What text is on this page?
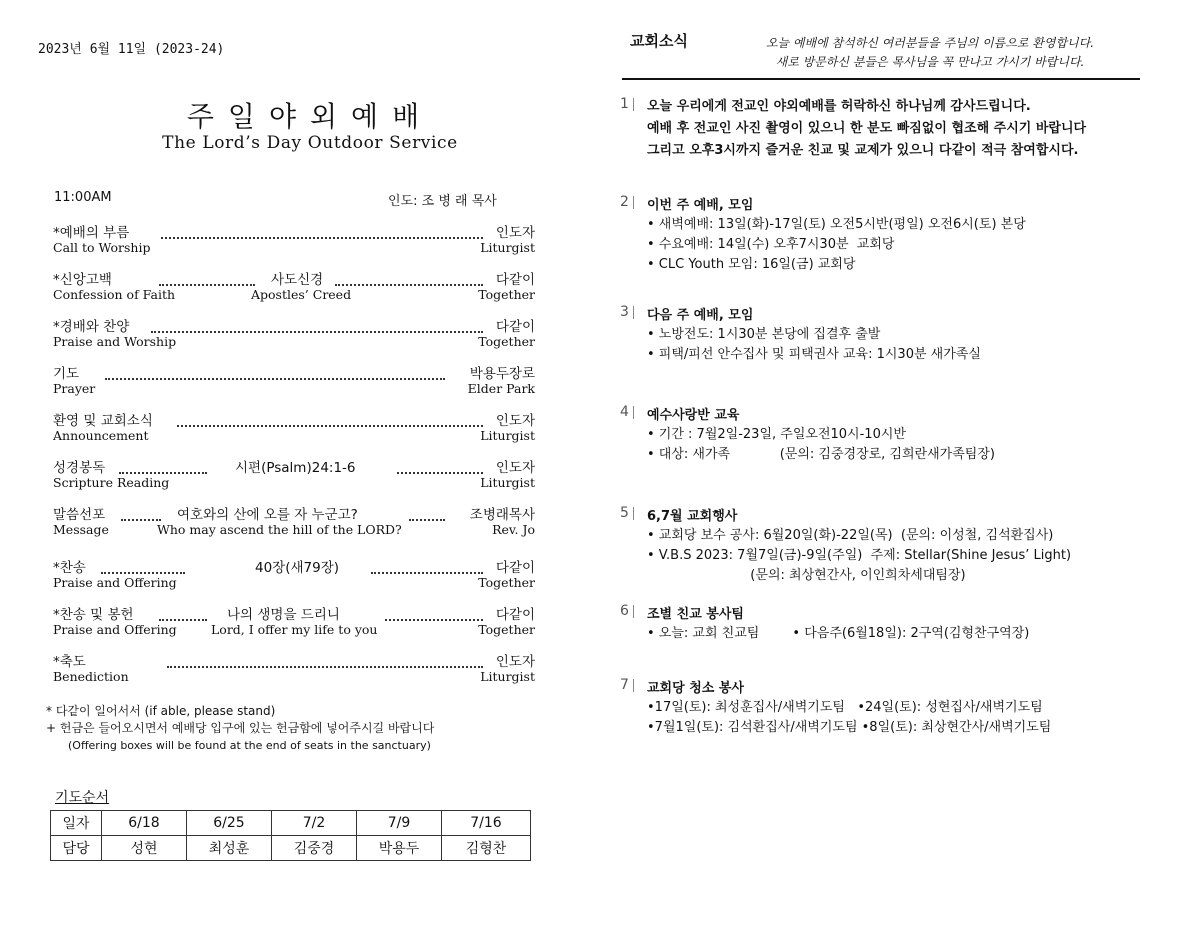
2023년 6월 11일 (2023-24)
주일야외예배
The Lord’s Day Outdoor Service
11:00AM	인도: 조 병 래 목사
*예배의 부름	인도자
Call to Worship	Liturgist
*신앙고백	사도신경	다같이
Confession of Faith	Apostles’ Creed	Together
*경배와 찬양	다같이
Praise and Worship	Together
기도	박용두장로
Prayer	Elder Park
환영 및 교회소식	인도자
Announcement	Liturgist
성경봉독	시편(Psalm)24:1-6	인도자
Scripture Reading	Liturgist
말씀선포	여호와의 산에 오를 자 누군고?	조병래목사
Message	Who may ascend the hill of the LORD?	Rev. Jo
*찬송	40장(새79장)	다같이
Praise and Offering	Together
*찬송 및 봉헌	나의 생명을 드리니	다같이
Praise and Offering	Lord, I offer my life to you	Together
*축도	인도자
Benediction	Liturgist
* 다같이 일어서서 (if able, please stand)
+ 헌금은 들어오시면서 예배당 입구에 있는 헌금함에 넣어주시길 바랍니다
(Offering boxes will be found at the end of seats in the sanctuary)
기도순서
일자	6/18	6/25	7/2	7/9	7/16
담당	성현	최성훈	김중경	박용두	김형찬
교회소식	오늘 예배에 참석하신 여러분들을 주님의 이름으로 환영합니다.
새로 방문하신 분들은 목사님을 꼭 만나고 가시기 바랍니다.
1 오늘 우리에게 전교인 야외예배를 허락하신 하나님께 감사드립니다.
예배 후 전교인 사진 촬영이 있으니 한 분도 빠짐없이 협조해 주시기 바랍니다
그리고 오후3시까지 즐거운 친교 및 교제가 있으니 다같이 적극 참여합시다.
2 이번 주 예배, 모임
• 새벽예배: 13일(화)-17일(토) 오전5시반(평일) 오전6시(토) 본당
• 수요예배: 14일(수) 오후7시30분  교회당
• CLC Youth 모임: 16일(금) 교회당
3 다음 주 예배, 모임
• 노방전도: 1시30분 본당에 집결후 출발
• 피택/피선 안수집사 및 피택권사 교육: 1시30분 새가족실
4 예수사랑반 교육
• 기간 : 7월2일-23일, 주일오전10시-10시반
• 대상: 새가족            (문의: 김중경장로, 김희란새가족팀장)
5 6,7월 교회행사
• 교회당 보수 공사: 6월20일(화)-22일(목)  (문의: 이성철, 김석환집사)
• V.B.S 2023: 7월7일(금)-9일(주일)  주제: Stellar(Shine Jesus’ Light)
(문의: 최상현간사, 이인희차세대팀장)
6 조별 친교 봉사팀
• 오늘: 교회 친교팀        • 다음주(6월18일): 2구역(김형찬구역장)
7 교회당 청소 봉사
•17일(토): 최성훈집사/새벽기도팀   •24일(토): 성현집사/새벽기도팀
•7월1일(토): 김석환집사/새벽기도팀 •8일(토): 최상현간사/새벽기도팀
